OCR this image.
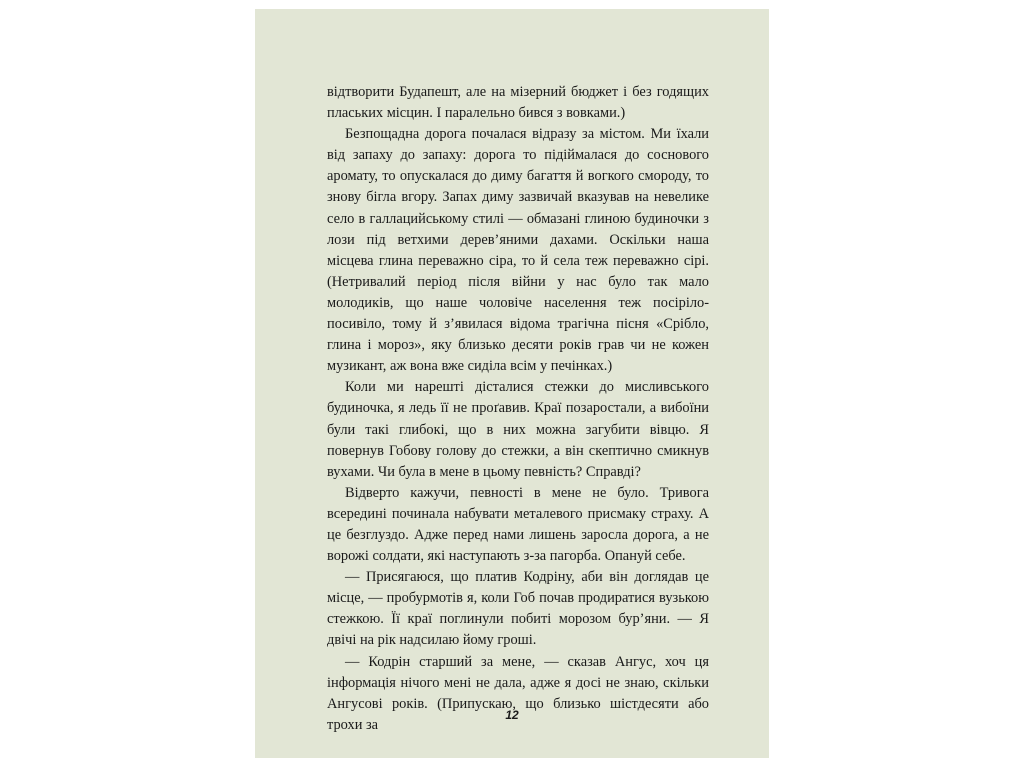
відтворити Будапешт, але на мізерний бюджет і без годящих плаських місцин. І паралельно бився з вовками.)

Безпощадна дорога почалася відразу за містом. Ми їхали від запаху до запаху: дорога то підіймалася до соснового аромату, то опускалася до диму багаття й вогкого смороду, то знову бігла вгору. Запах диму зазвичай вказував на невелике село в галлацийському стилі — обмазані глиною будиночки з лози під ветхими дерев’яними дахами. Оскільки наша місцева глина переважно сіра, то й села теж переважно сірі. (Нетривалий період після війни у нас було так мало молодиків, що наше чоловіче населення теж посіріло-посивіло, тому й з’явилася відома трагічна пісня «Срібло, глина і мороз», яку близько десяти років грав чи не кожен музикант, аж вона вже сиділа всім у печінках.)

Коли ми нарешті дісталися стежки до мисливського будиночка, я ледь її не проґавив. Краї позаростали, а вибоїни були такі глибокі, що в них можна загубити вівцю. Я повернув Гобову голову до стежки, а він скептично смикнув вухами. Чи була в мене в цьому певність? Справді?

Відверто кажучи, певності в мене не було. Тривога всередині починала набувати металевого присмаку страху. А це безглуздо. Адже перед нами лишень заросла дорога, а не ворожі солдати, які наступають з-за пагорба. Опануй себе.

— Присягаюся, що платив Кодріну, аби він доглядав це місце, — пробурмотів я, коли Гоб почав продиратися вузькою стежкою. Її краї поглинули побиті морозом бур’яни. — Я двічі на рік надсилаю йому гроші.

— Кодрін старший за мене, — сказав Ангус, хоч ця інформація нічого мені не дала, адже я досі не знаю, скільки Ангусові років. (Припускаю, що близько шістдесяти або трохи за

12
